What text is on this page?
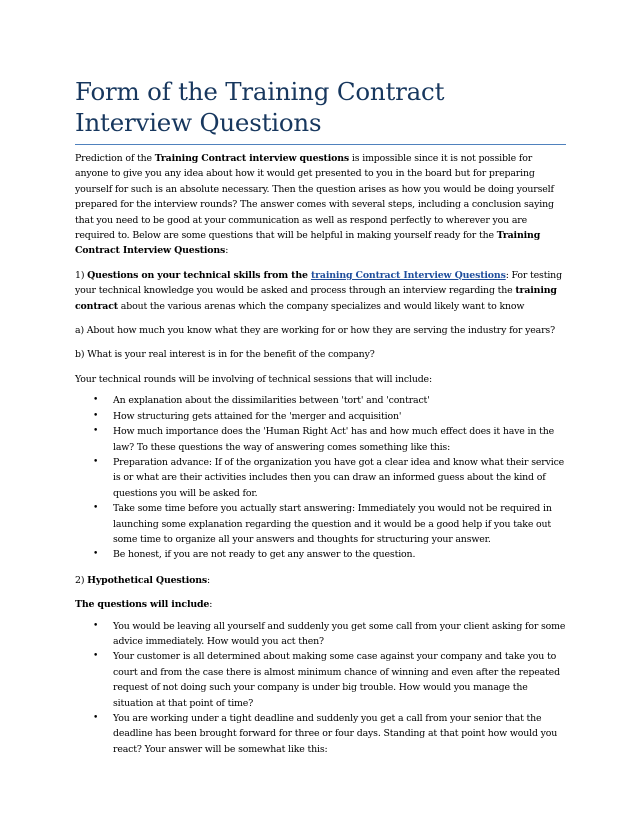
Form of the Training Contract Interview Questions

Prediction of the Training Contract interview questions is impossible since it is not possible for anyone to give you any idea about how it would get presented to you in the board but for preparing yourself for such is an absolute necessary. Then the question arises as how you would be doing yourself prepared for the interview rounds? The answer comes with several steps, including a conclusion saying that you need to be good at your communication as well as respond perfectly to wherever you are required to. Below are some questions that will be helpful in making yourself ready for the Training Contract Interview Questions:

1) Questions on your technical skills from the training Contract Interview Questions: For testing your technical knowledge you would be asked and process through an interview regarding the training contract about the various arenas which the company specializes and would likely want to know

a) About how much you know what they are working for or how they are serving the industry for years?

b) What is your real interest is in for the benefit of the company?

Your technical rounds will be involving of technical sessions that will include:

• An explanation about the dissimilarities between 'tort' and 'contract'
• How structuring gets attained for the 'merger and acquisition'
• How much importance does the 'Human Right Act' has and how much effect does it have in the law? To these questions the way of answering comes something like this:
• Preparation advance: If of the organization you have got a clear idea and know what their service is or what are their activities includes then you can draw an informed guess about the kind of questions you will be asked for.
• Take some time before you actually start answering: Immediately you would not be required in launching some explanation regarding the question and it would be a good help if you take out some time to organize all your answers and thoughts for structuring your answer.
• Be honest, if you are not ready to get any answer to the question.

2) Hypothetical Questions:

The questions will include:

• You would be leaving all yourself and suddenly you get some call from your client asking for some advice immediately. How would you act then?
• Your customer is all determined about making some case against your company and take you to court and from the case there is almost minimum chance of winning and even after the repeated request of not doing such your company is under big trouble. How would you manage the situation at that point of time?
• You are working under a tight deadline and suddenly you get a call from your senior that the deadline has been brought forward for three or four days. Standing at that point how would you react? Your answer will be somewhat like this:
